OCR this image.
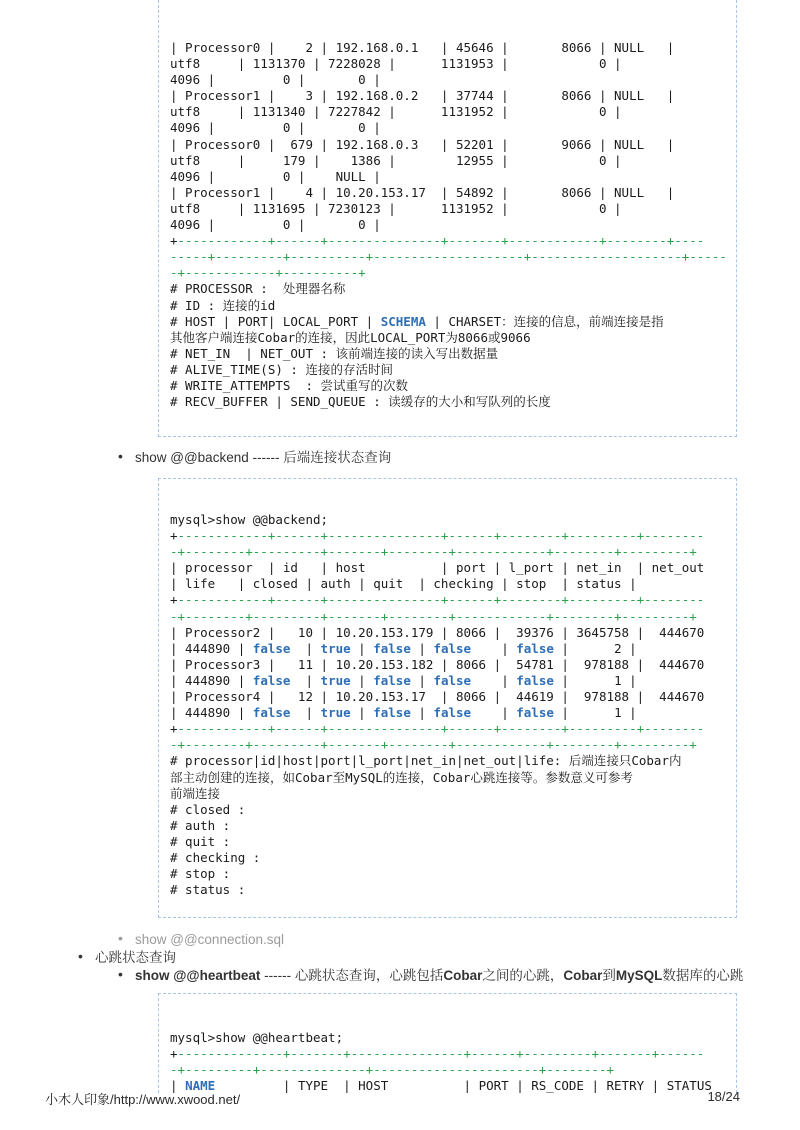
| Processor0 |    2 | 192.168.0.1   | 45646 |       8066 | NULL   |
utf8     | 1131370 | 7228028 |      1131953 |            0 |
4096 |         0 |       0 |
| Processor1 |    3 | 192.168.0.2   | 37744 |       8066 | NULL   |
utf8     | 1131340 | 7227842 |      1131952 |            0 |
4096 |         0 |       0 |
| Processor0 |  679 | 192.168.0.3   | 52201 |       9066 | NULL   |
utf8     |     179 |    1386 |        12955 |            0 |
4096 |         0 |    NULL |
| Processor1 |    4 | 10.20.153.17  | 54892 |       8066 | NULL   |
utf8     | 1131695 | 7230123 |      1131952 |            0 |
4096 |         0 |       0 |
+------------+------+---------------+-------+------------+--------+----
-----+---------+----------+--------------------+--------------------+-----
-+------------+----------+
# PROCESSOR :  处理器名称
# ID : 连接的id
# HOST | PORT| LOCAL_PORT | SCHEMA | CHARSET：连接的信息，前端连接是指
其他客户端连接Cobar的连接，因此LOCAL_PORT为8066或9066
# NET_IN  | NET_OUT : 该前端连接的读入写出数据量
# ALIVE_TIME(S) : 连接的存活时间
# WRITE_ATTEMPTS  : 尝试重写的次数
# RECV_BUFFER | SEND_QUEUE : 读缓存的大小和写队列的长度
• show @@backend ------ 后端连接状态查询
mysql>show @@backend;
+------------+------+---------------+------+--------+---------+--------
-+--------+---------+-------+--------+------------+--------+---------+
| processor  | id   | host          | port | l_port | net_in  | net_out
| life   | closed | auth | quit  | checking | stop  | status |
+------------+------+---------------+------+--------+---------+--------
-+--------+---------+-------+--------+------------+--------+---------+
| Processor2 |   10 | 10.20.153.179 | 8066 |  39376 | 3645758 |  444670
| 444890 | false  | true | false | false    | false |      2 |
| Processor3 |   11 | 10.20.153.182 | 8066 |  54781 |  978188 |  444670
| 444890 | false  | true | false | false    | false |      1 |
| Processor4 |   12 | 10.20.153.17  | 8066 |  44619 |  978188 |  444670
| 444890 | false  | true | false | false    | false |      1 |
+------------+------+---------------+------+--------+---------+--------
-+--------+---------+-------+--------+------------+--------+---------+
# processor|id|host|port|l_port|net_in|net_out|life: 后端连接只Cobar内
部主动创建的连接，如Cobar至MySQL的连接，Cobar心跳连接等。参数意义可参考
前端连接
# closed :
# auth :
# quit :
# checking :
# stop :
# status :
• show @@connection.sql
• 心跳状态查询
• show @@heartbeat ------ 心跳状态查询，心跳包括Cobar之间的心跳，Cobar到MySQL数据库的心跳
mysql>show @@heartbeat;
+--------------+-------+---------------+------+---------+-------+------
-+---------+--------------+----------------------+--------+
| NAME         | TYPE  | HOST          | PORT | RS_CODE | RETRY | STATUS
小木人印象/http://www.xwood.net/	18/24
